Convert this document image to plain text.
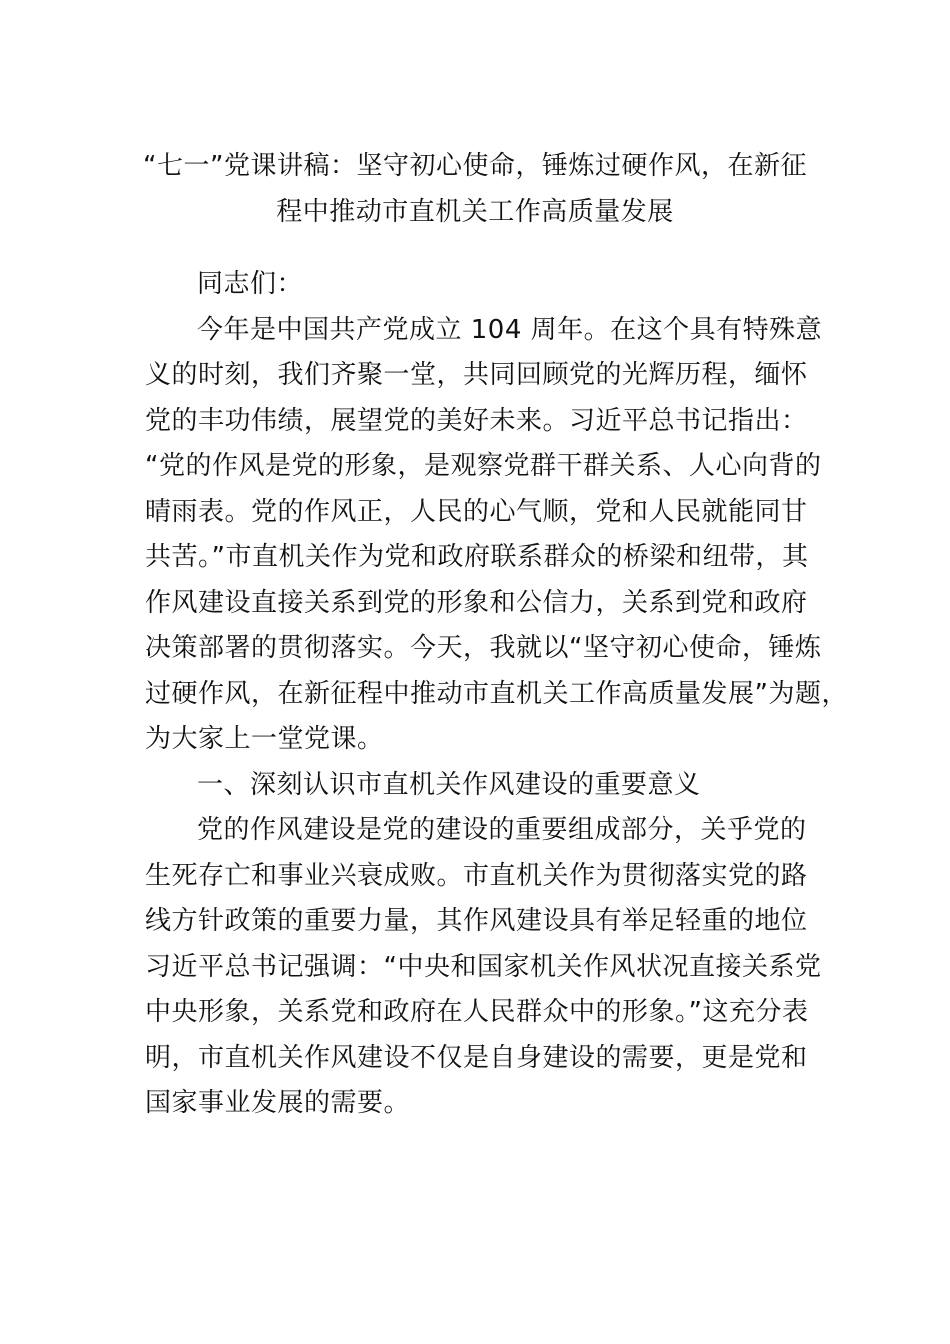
“七一”党课讲稿：坚守初心使命，锤炼过硬作风，在新征
程中推动市直机关工作高质量发展
同志们：
今年是中国共产党成立 104 周年。在这个具有特殊意
义的时刻，我们齐聚一堂，共同回顾党的光辉历程，缅怀
党的丰功伟绩，展望党的美好未来。习近平总书记指出：
“党的作风是党的形象，是观察党群干群关系、人心向背的
晴雨表。党的作风正，人民的心气顺，党和人民就能同甘
共苦。”市直机关作为党和政府联系群众的桥梁和纽带，其
作风建设直接关系到党的形象和公信力，关系到党和政府
决策部署的贯彻落实。今天，我就以“坚守初心使命，锤炼
过硬作风，在新征程中推动市直机关工作高质量发展”为题，
为大家上一堂党课。
一、深刻认识市直机关作风建设的重要意义
党的作风建设是党的建设的重要组成部分，关乎党的
生死存亡和事业兴衰成败。市直机关作为贯彻落实党的路
线方针政策的重要力量，其作风建设具有举足轻重的地位
习近平总书记强调：“中央和国家机关作风状况直接关系党
中央形象，关系党和政府在人民群众中的形象。”这充分表
明，市直机关作风建设不仅是自身建设的需要，更是党和
国家事业发展的需要。
